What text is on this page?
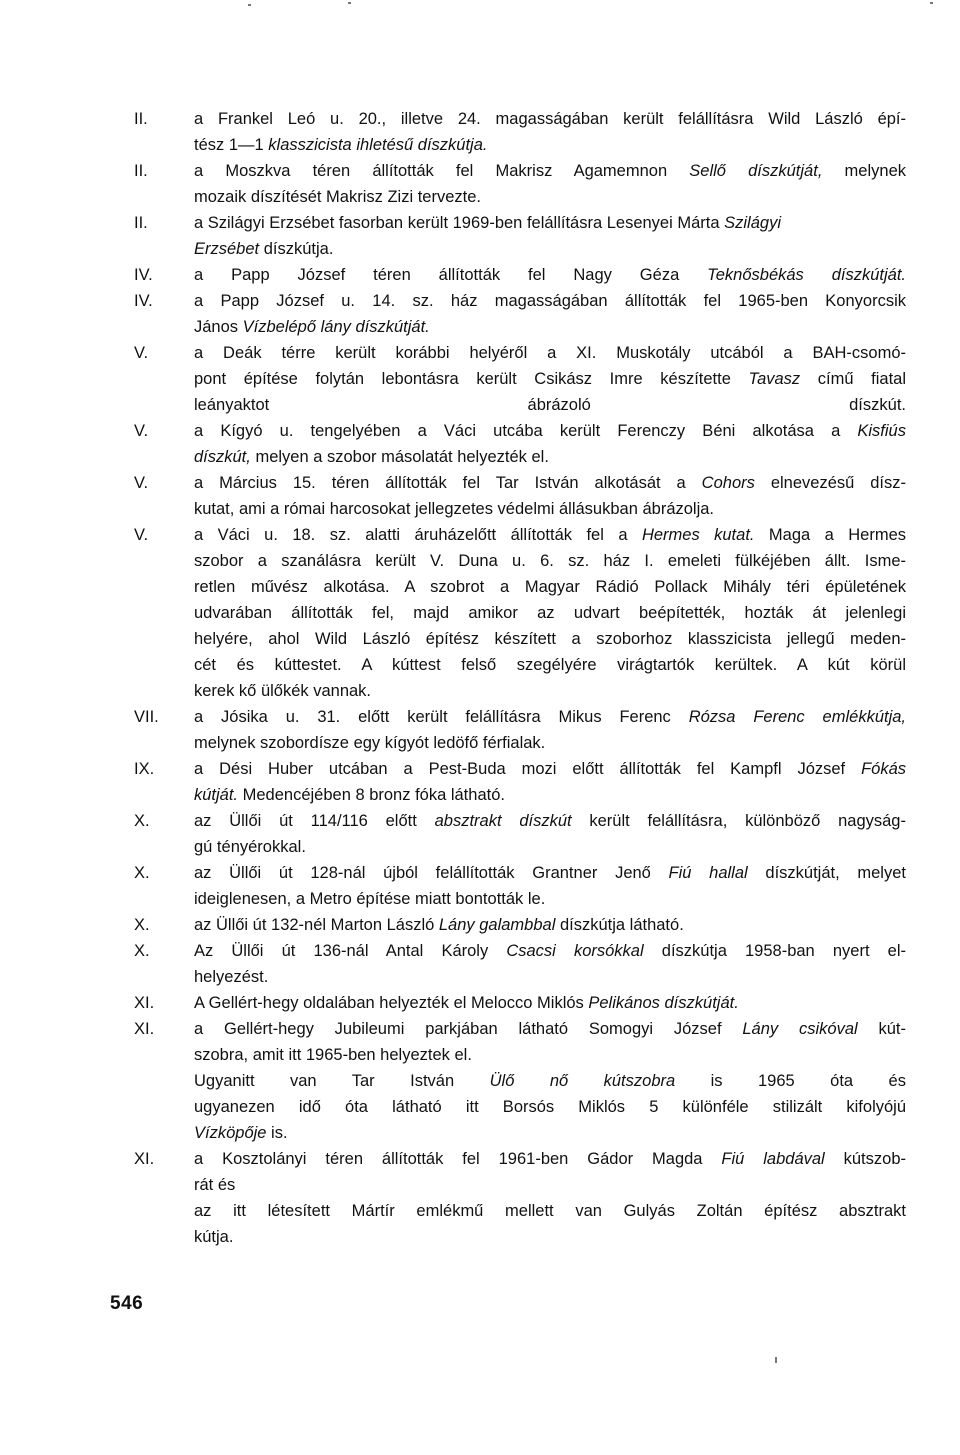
II.	a Frankel Leó u. 20., illetve 24. magasságában került felállításra Wild László épí-
tész 1—1 klasszicista ihletésű díszkútja.
II.	a Moszkva téren állították fel Makrisz Agamemnon Sellő díszkútját, melynek
mozaik díszítését Makrisz Zizi tervezte.
II.	a Szilágyi Erzsébet fasorban került 1969-ben felállításra Lesenyei Márta Szilágyi
Erzsébet díszkútja.
IV.	a Papp József téren állították fel Nagy Géza Teknősbékás díszkútját.
IV.	a Papp József u. 14. sz. ház magasságában állították fel 1965-ben Konyorcsik
János Vízbelépő lány díszkútját.
V.	a Deák térre került korábbi helyéről a XI. Muskotály utcából a BAH-csomó-
pont építése folytán lebontásra került Csikász Imre készítette Tavasz című fiatal
leányaktot ábrázoló díszkút.
V.	a Kígyó u. tengelyében a Váci utcába került Ferenczy Béni alkotása a Kisfiús
díszkút, melyen a szobor másolatát helyezték el.
V.	a Március 15. téren állították fel Tar István alkotását a Cohors elnevezésű dísz-
kutat, ami a római harcosokat jellegzetes védelmi állásukban ábrázolja.
V.	a Váci u. 18. sz. alatti áruházelőtt állították fel a Hermes kutat. Maga a Hermes
szobor a szanálásra került V. Duna u. 6. sz. ház I. emeleti fülkéjében állt. Isme-
retlen művész alkotása. A szobrot a Magyar Rádió Pollack Mihály téri épületének
udvarában állították fel, majd amikor az udvart beépítették, hozták át jelenlegi
helyére, ahol Wild László építész készített a szoborhoz klasszicista jellegű meden-
cét és kúttestet. A kúttest felső szegélyére virágtartók kerültek. A kút körül
kerek kő ülőkék vannak.
VII.	a Jósika u. 31. előtt került felállításra Mikus Ferenc Rózsa Ferenc emlékkútja,
melynek szobordísze egy kígyót ledöfő férfialak.
IX.	a Dési Huber utcában a Pest-Buda mozi előtt állították fel Kampfl József Fókás
kútját. Medencéjében 8 bronz fóka látható.
X.	az Üllői út 114/116 előtt absztrakt díszkút került felállításra, különböző nagyság-
gú tényérokkal.
X.	az Üllői út 128-nál újból felállították Grantner Jenő Fiú hallal díszkútját, melyet
ideiglenesen, a Metro építése miatt bontották le.
X.	az Üllői út 132-nél Marton László Lány galambbal díszkútja látható.
X.	Az Üllői út 136-nál Antal Károly Csacsi korsókkal díszkútja 1958-ban nyert el-
helyezést.
XI.	A Gellért-hegy oldalában helyezték el Melocco Miklós Pelikános díszkútját.
XI.	a Gellért-hegy Jubileumi parkjában látható Somogyi József Lány csikóval kút-
szobra, amit itt 1965-ben helyeztek el.
Ugyanitt van Tar István Ülő nő kútszobra is 1965 óta és
ugyanezen idő óta látható itt Borsós Miklós 5 különféle stilizált kifolyójú
Vízköpője is.
XI.	a Kosztolányi téren állították fel 1961-ben Gádor Magda Fiú labdával kútszob-
rát és
az itt létesített Mártír emlékmű mellett van Gulyás Zoltán építész absztrakt
kútja.
546
